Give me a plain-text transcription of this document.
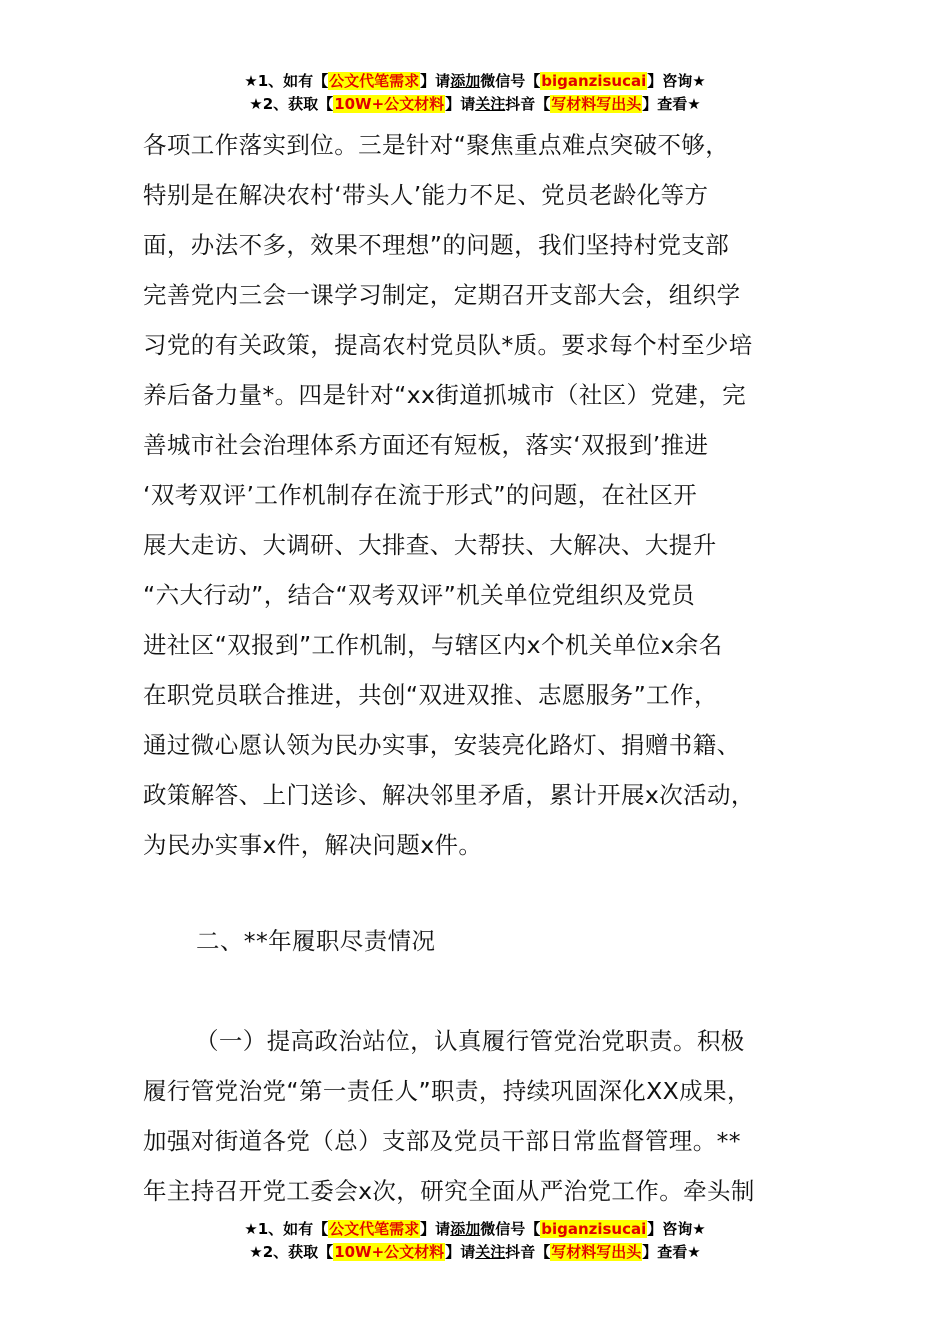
★1、如有【公文代笔需求】请添加微信号【biganzisucai】咨询★
★2、获取【10W+公文材料】请关注抖音【写材料写出头】查看★
各项工作落实到位。三是针对“聚焦重点难点突破不够，
特别是在解决农村‘带头人’能力不足、党员老龄化等方
面，办法不多，效果不理想”的问题，我们坚持村党支部
完善党内三会一课学习制定，定期召开支部大会，组织学
习党的有关政策，提高农村党员队*质。要求每个村至少培
养后备力量*。四是针对“xx街道抓城市（社区）党建，完
善城市社会治理体系方面还有短板，落实‘双报到’推进
‘双考双评’工作机制存在流于形式”的问题，在社区开
展大走访、大调研、大排查、大帮扶、大解决、大提升
“六大行动”，结合“双考双评”机关单位党组织及党员
进社区“双报到”工作机制，与辖区内x个机关单位x余名
在职党员联合推进，共创“双进双推、志愿服务”工作，
通过微心愿认领为民办实事，安装亮化路灯、捐赠书籍、
政策解答、上门送诊、解决邻里矛盾，累计开展x次活动，
为民办实事x件，解决问题x件。
二、**年履职尽责情况
（一）提高政治站位，认真履行管党治党职责。积极
履行管党治党“第一责任人”职责，持续巩固深化XX成果，
加强对街道各党（总）支部及党员干部日常监督管理。**
年主持召开党工委会x次，研究全面从严治党工作。牵头制
★1、如有【公文代笔需求】请添加微信号【biganzisucai】咨询★
★2、获取【10W+公文材料】请关注抖音【写材料写出头】查看★
